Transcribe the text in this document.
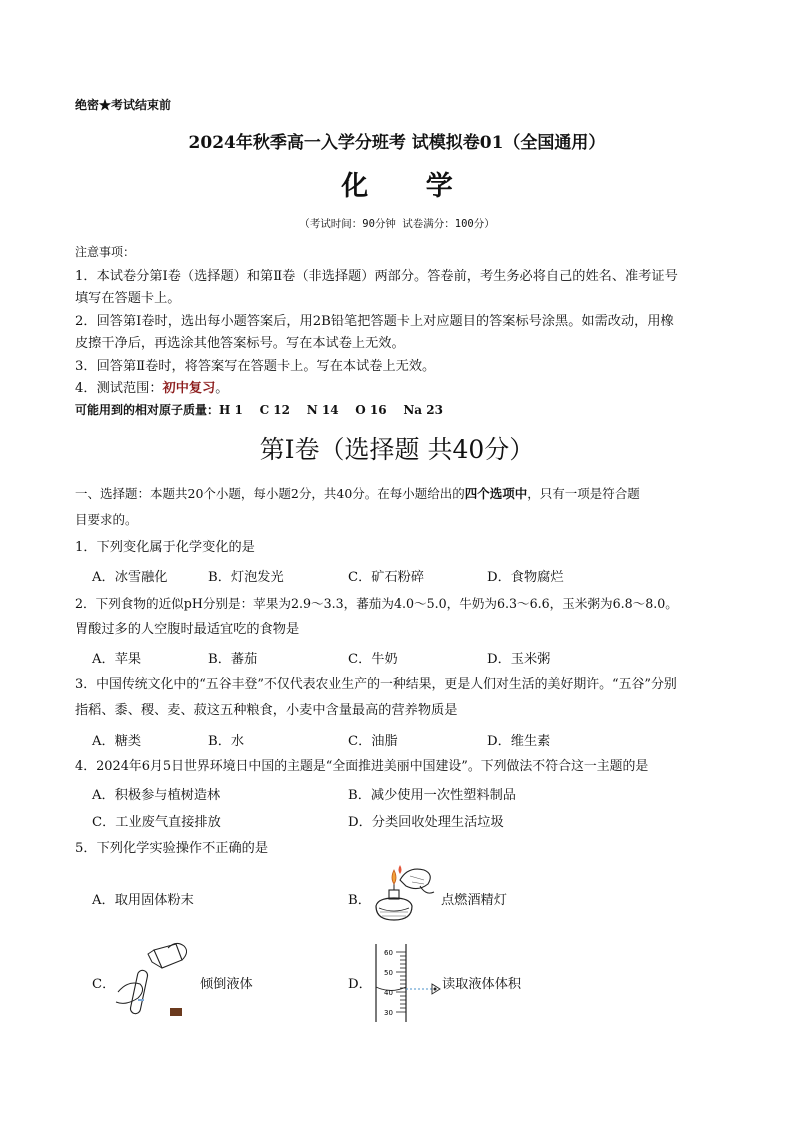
绝密★考试结束前
2024年秋季高一入学分班考 试模拟卷01（全国通用）
化 学
（考试时间：90分钟 试卷满分：100分）
注意事项：
1．本试卷分第Ⅰ卷（选择题）和第Ⅱ卷（非选择题）两部分。答卷前，考生务必将自己的姓名、准考证号
填写在答题卡上。
2．回答第Ⅰ卷时，选出每小题答案后，用2B铅笔把答题卡上对应题目的答案标号涂黑。如需改动，用橡
皮擦干净后，再选涂其他答案标号。写在本试卷上无效。
3．回答第Ⅱ卷时，将答案写在答题卡上。写在本试卷上无效。
4．测试范围：初中复习。
可能用到的相对原子质量：H 1    C 12    N 14    O 16    Na 23
第Ⅰ卷（选择题 共40分）
一、选择题：本题共20个小题，每小题2分，共40分。在每小题给出的四个选项中，只有一项是符合题
目要求的。
1．下列变化属于化学变化的是
A．冰雪融化	B．灯泡发光	C．矿石粉碎	D．食物腐烂
2．下列食物的近似pH分别是：苹果为2.9～3.3，蕃茄为4.0～5.0，牛奶为6.3～6.6，玉米粥为6.8～8.0。
胃酸过多的人空腹时最适宜吃的食物是
A．苹果	B．蕃茄	C．牛奶	D．玉米粥
3．中国传统文化中的“五谷丰登”不仅代表农业生产的一种结果，更是人们对生活的美好期许。“五谷”分别
指稻、黍、稷、麦、菽这五种粮食，小麦中含量最高的营养物质是
A．糖类	B．水	C．油脂	D．维生素
4．2024年6月5日世界环境日中国的主题是“全面推进美丽中国建设”。下列做法不符合这一主题的是
A．积极参与植树造林	B．减少使用一次性塑料制品
C．工业废气直接排放	D．分类回收处理生活垃圾
5．下列化学实验操作不正确的是
A．取用固体粉末	B．	点燃酒精灯
C．	倾倒液体	D．
60
50
40
30
读取液体体积
